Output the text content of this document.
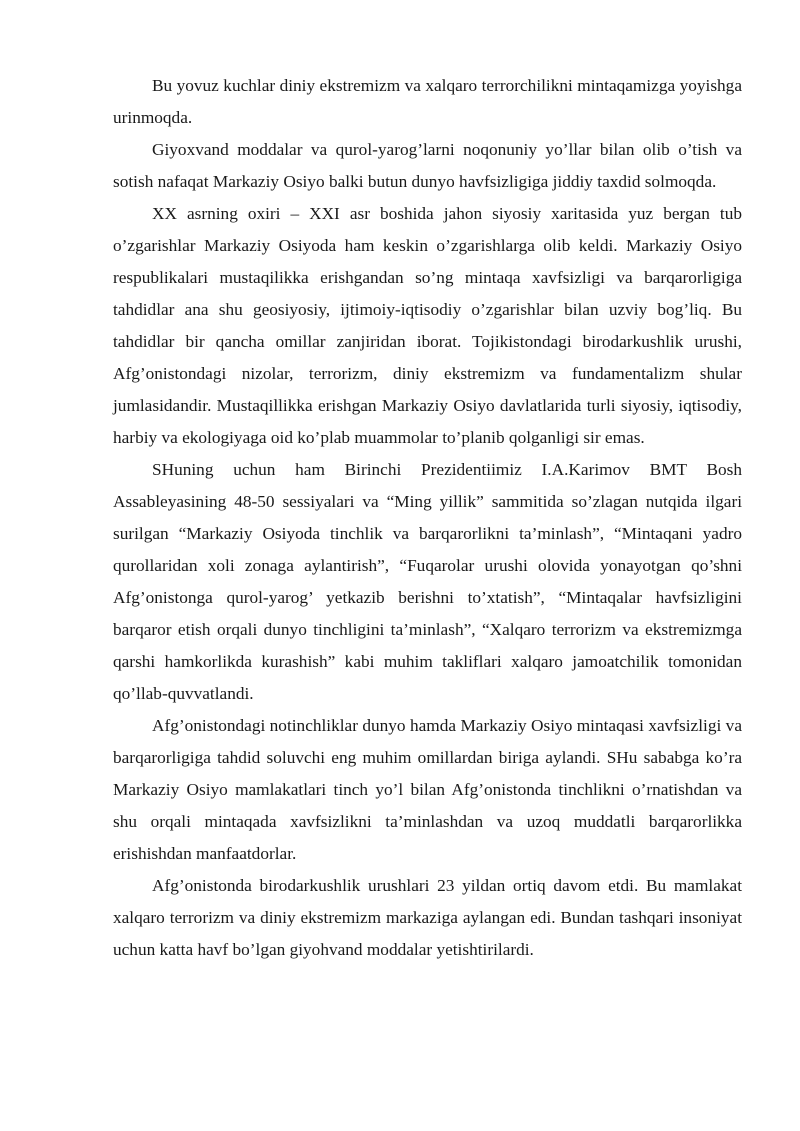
Bu yovuz kuchlar diniy ekstremizm va xalqaro terrorchilikni mintaqamizga yoyishga urinmoqda.

Giyoxvand moddalar va qurol-yarog’larni noqonuniy yo’llar bilan olib o’tish va sotish nafaqat Markaziy Osiyo balki butun dunyo havfsizligiga jiddiy taxdid solmoqda.

XX asrning oxiri – XXI asr boshida jahon siyosiy xaritasida yuz bergan tub o’zgarishlar Markaziy Osiyoda ham keskin o’zgarishlarga olib keldi. Markaziy Osiyo respublikalari mustaqilikka erishgandan so’ng mintaqa xavfsizligi va barqarorligiga tahdidlar ana shu geosiyosiy, ijtimoiy-iqtisodiy o’zgarishlar bilan uzviy bog’liq. Bu tahdidlar bir qancha omillar zanjiridan iborat. Tojikistondagi birodarkushlik urushi, Afg’onistondagi nizolar, terrorizm, diniy ekstremizm va fundamentalizm shular jumlasidandir. Mustaqillikka erishgan Markaziy Osiyo davlatlarida turli siyosiy, iqtisodiy, harbiy va ekologiyaga oid ko’plab muammolar to’planib qolganligi sir emas.

SHuning uchun ham Birinchi Prezidentiimiz I.A.Karimov BMT Bosh Assableyasining 48-50 sessiyalari va “Ming yillik” sammitida so’zlagan nutqida ilgari surilgan “Markaziy Osiyoda tinchlik va barqarorlikni ta’minlash”, “Mintaqani yadro qurollaridan xoli zonaga aylantirish”, “Fuqarolar urushi olovida yonayotgan qo’shni Afg’onistonga qurol-yarog’ yetkazib berishni to’xtatish”, “Mintaqalar havfsizligini barqaror etish orqali dunyo tinchligini ta’minlash”, “Xalqaro terrorizm va ekstremizmga qarshi hamkorlikda kurashish” kabi muhim takliflari xalqaro jamoatchilik tomonidan qo’llab-quvvatlandi.

Afg’onistondagi notinchliklar dunyo hamda Markaziy Osiyo mintaqasi xavfsizligi va barqarorligiga tahdid soluvchi eng muhim omillardan biriga aylandi. SHu sababga ko’ra Markaziy Osiyo mamlakatlari tinch yo’l bilan Afg’onistonda tinchlikni o’rnatishdan va shu orqali mintaqada xavfsizlikni ta’minlashdan va uzoq muddatli barqarorlikka erishishdan manfaatdorlar.

Afg’onistonda birodarkushlik urushlari 23 yildan ortiq davom etdi. Bu mamlakat xalqaro terrorizm va diniy ekstremizm markaziga aylangan edi. Bundan tashqari insoniyat uchun katta havf bo’lgan giyohvand moddalar yetishtirilardi.
